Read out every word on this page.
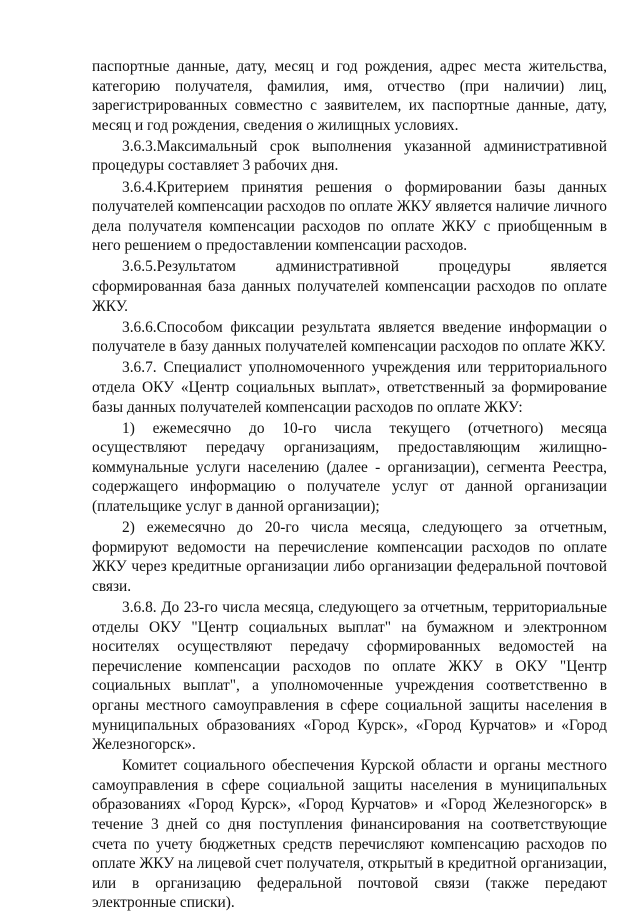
паспортные данные, дату, месяц и год рождения, адрес места жительства, категорию получателя, фамилия, имя, отчество (при наличии) лиц, зарегистрированных совместно с заявителем, их паспортные данные, дату, месяц и год рождения, сведения о жилищных условиях.

3.6.3.Максимальный срок выполнения указанной административной процедуры составляет 3 рабочих дня.

3.6.4.Критерием принятия решения о формировании базы данных получателей компенсации расходов по оплате ЖКУ является наличие личного дела получателя компенсации расходов по оплате ЖКУ с приобщенным в него решением о предоставлении компенсации расходов.

3.6.5.Результатом административной процедуры является сформированная база данных получателей компенсации расходов по оплате ЖКУ.

3.6.6.Способом фиксации результата является введение информации о получателе в базу данных получателей компенсации расходов по оплате ЖКУ.

3.6.7. Специалист уполномоченного учреждения или территориального отдела ОКУ «Центр социальных выплат», ответственный за формирование базы данных получателей компенсации расходов по оплате ЖКУ:

1) ежемесячно до 10-го числа текущего (отчетного) месяца осуществляют передачу организациям, предоставляющим жилищно-коммунальные услуги населению (далее - организации), сегмента Реестра, содержащего информацию о получателе услуг от данной организации (плательщике услуг в данной организации);

2) ежемесячно до 20-го числа месяца, следующего за отчетным, формируют ведомости на перечисление компенсации расходов по оплате ЖКУ через кредитные организации либо организации федеральной почтовой связи.

3.6.8. До 23-го числа месяца, следующего за отчетным, территориальные отделы ОКУ "Центр социальных выплат" на бумажном и электронном носителях осуществляют передачу сформированных ведомостей на перечисление компенсации расходов по оплате ЖКУ в ОКУ "Центр социальных выплат", а уполномоченные учреждения соответственно в органы местного самоуправления в сфере социальной защиты населения в муниципальных образованиях «Город Курск», «Город Курчатов» и «Город Железногорск».

Комитет социального обеспечения Курской области и органы местного самоуправления в сфере социальной защиты населения в муниципальных образованиях «Город Курск», «Город Курчатов» и «Город Железногорск» в течение 3 дней со дня поступления финансирования на соответствующие счета по учету бюджетных средств перечисляют компенсацию расходов по оплате ЖКУ на лицевой счет получателя, открытый в кредитной организации, или в организацию федеральной почтовой связи (также передают электронные списки).
